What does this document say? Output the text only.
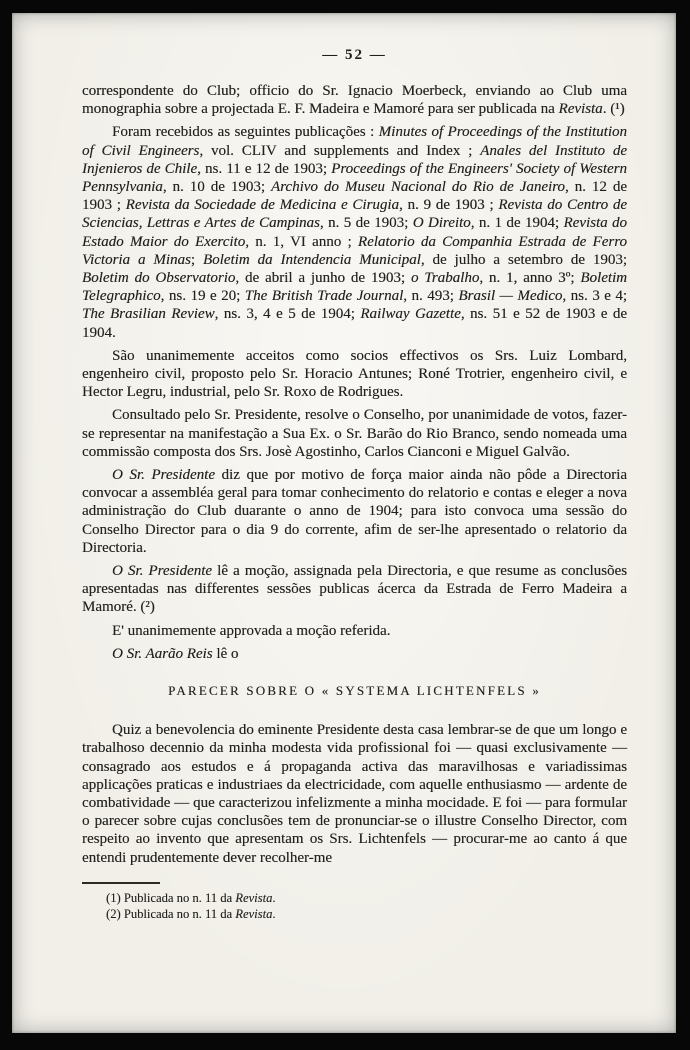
— 52 —

correspondente do Club; officio do Sr. Ignacio Moerbeck, enviando ao Club uma monographia sobre a projectada E. F. Madeira e Mamoré para ser publicada na Revista. (¹)

Foram recebidos as seguintes publicações : Minutes of Proceedings of the Institution of Civil Engineers, vol. CLIV and supplements and Index ; Anales del Instituto de Injenieros de Chile, ns. 11 e 12 de 1903; Proceedings of the Engineers' Society of Western Pennsylvania, n. 10 de 1903; Archivo do Museu Nacional do Rio de Janeiro, n. 12 de 1903 ; Revista da Sociedade de Medicina e Cirugia, n. 9 de 1903 ; Revista do Centro de Sciencias, Lettras e Artes de Campinas, n. 5 de 1903; O Direito, n. 1 de 1904; Revista do Estado Maior do Exercito, n. 1, VI anno ; Relatorio da Companhia Estrada de Ferro Victoria a Minas; Boletim da Intendencia Municipal, de julho a setembro de 1903; Boletim do Observatorio, de abril a junho de 1903; o Trabalho, n. 1, anno 3º; Boletim Telegraphico, ns. 19 e 20; The British Trade Journal, n. 493; Brasil — Medico, ns. 3 e 4; The Brasilian Review, ns. 3, 4 e 5 de 1904; Railway Gazette, ns. 51 e 52 de 1903 e de 1904.

São unanimemente acceitos como socios effectivos os Srs. Luiz Lombard, engenheiro civil, proposto pelo Sr. Horacio Antunes; Roné Trotrier, engenheiro civil, e Hector Legru, industrial, pelo Sr. Roxo de Rodrigues.

Consultado pelo Sr. Presidente, resolve o Conselho, por unanimidade de votos, fazer-se representar na manifestação a Sua Ex. o Sr. Barão do Rio Branco, sendo nomeada uma commissão composta dos Srs. Josè Agostinho, Carlos Cianconi e Miguel Galvão.

O Sr. Presidente diz que por motivo de força maior ainda não pôde a Directoria convocar a assembléa geral para tomar conhecimento do relatorio e contas e eleger a nova administração do Club duarante o anno de 1904; para isto convoca uma sessão do Conselho Director para o dia 9 do corrente, afim de ser-lhe apresentado o relatorio da Directoria.

O Sr. Presidente lê a moção, assignada pela Directoria, e que resume as conclusões apresentadas nas differentes sessões publicas ácerca da Estrada de Ferro Madeira a Mamoré. (²)

E' unanimemente approvada a moção referida.

O Sr. Aarão Reis lê o

PARECER SOBRE O « SYSTEMA LICHTENFELS »

Quiz a benevolencia do eminente Presidente desta casa lembrar-se de que um longo e trabalhoso decennio da minha modesta vida profissional foi — quasi exclusivamente — consagrado aos estudos e á propaganda activa das maravilhosas e variadissimas applicações praticas e industriaes da electricidade, com aquelle enthusiasmo — ardente de combatividade — que caracterizou infelizmente a minha mocidade. E foi — para formular o parecer sobre cujas conclusões tem de pronunciar-se o illustre Conselho Director, com respeito ao invento que apresentam os Srs. Lichtenfels — procurar-me ao canto á que entendi prudentemente dever recolher-me

(1) Publicada no n. 11 da Revista.

(2) Publicada no n. 11 da Revista.
